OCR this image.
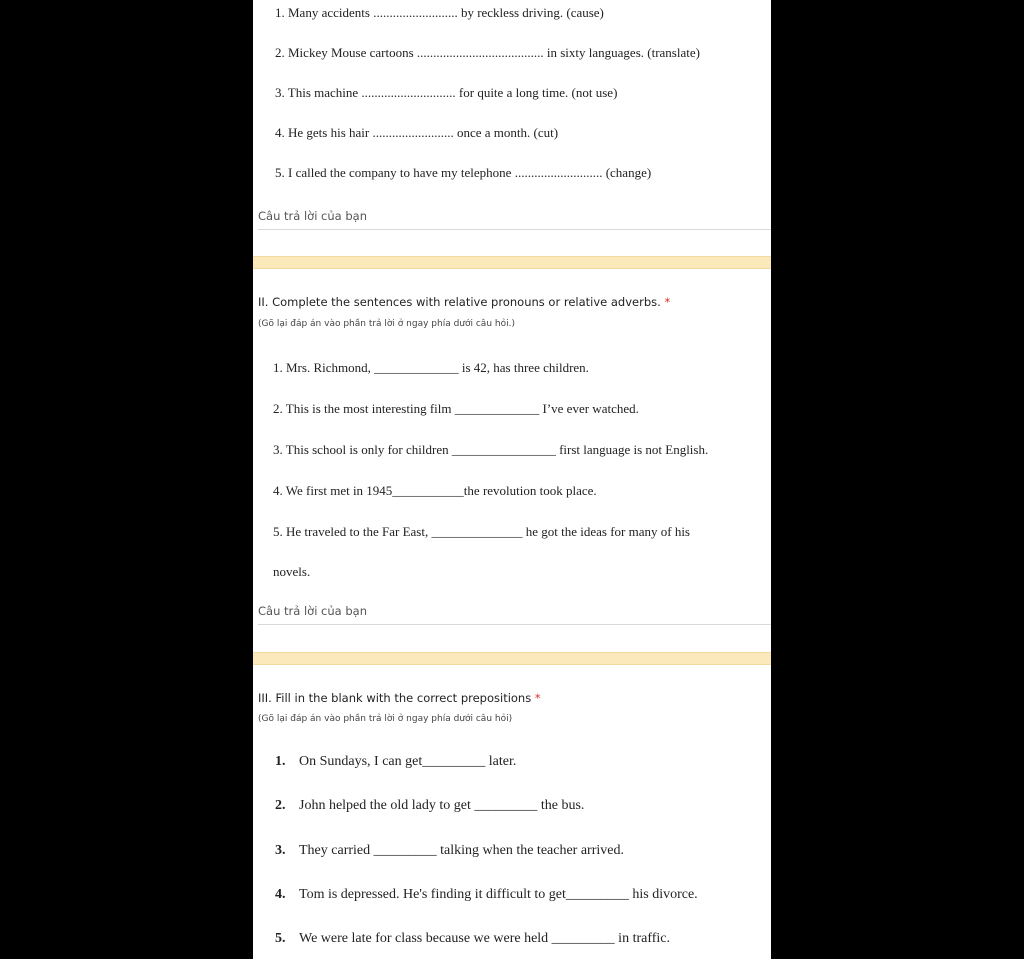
1. Many accidents .......................... by reckless driving. (cause)
2. Mickey Mouse cartoons ....................................... in sixty languages. (translate)
3. This machine ............................. for quite a long time. (not use)
4. He gets his hair ......................... once a month. (cut)
5. I called the company to have my telephone ........................... (change)
Câu trả lời của bạn
II. Complete the sentences with relative pronouns or relative adverbs. *
(Gõ lại đáp án vào phần trả lời ở ngay phía dưới câu hỏi.)
1. Mrs. Richmond, _____________ is 42, has three children.
2. This is the most interesting film _____________ I’ve ever watched.
3. This school is only for children ________________ first language is not English.
4. We first met in 1945___________the revolution took place.
5. He traveled to the Far East, ______________ he got the ideas for many of his
novels.
Câu trả lời của bạn
III. Fill in the blank with the correct prepositions *
(Gõ lại đáp án vào phần trả lời ở ngay phía dưới câu hỏi)
1. On Sundays, I can get_________ later.
2. John helped the old lady to get _________ the bus.
3. They carried _________ talking when the teacher arrived.
4. Tom is depressed. He's finding it difficult to get_________ his divorce.
5. We were late for class because we were held _________ in traffic.
